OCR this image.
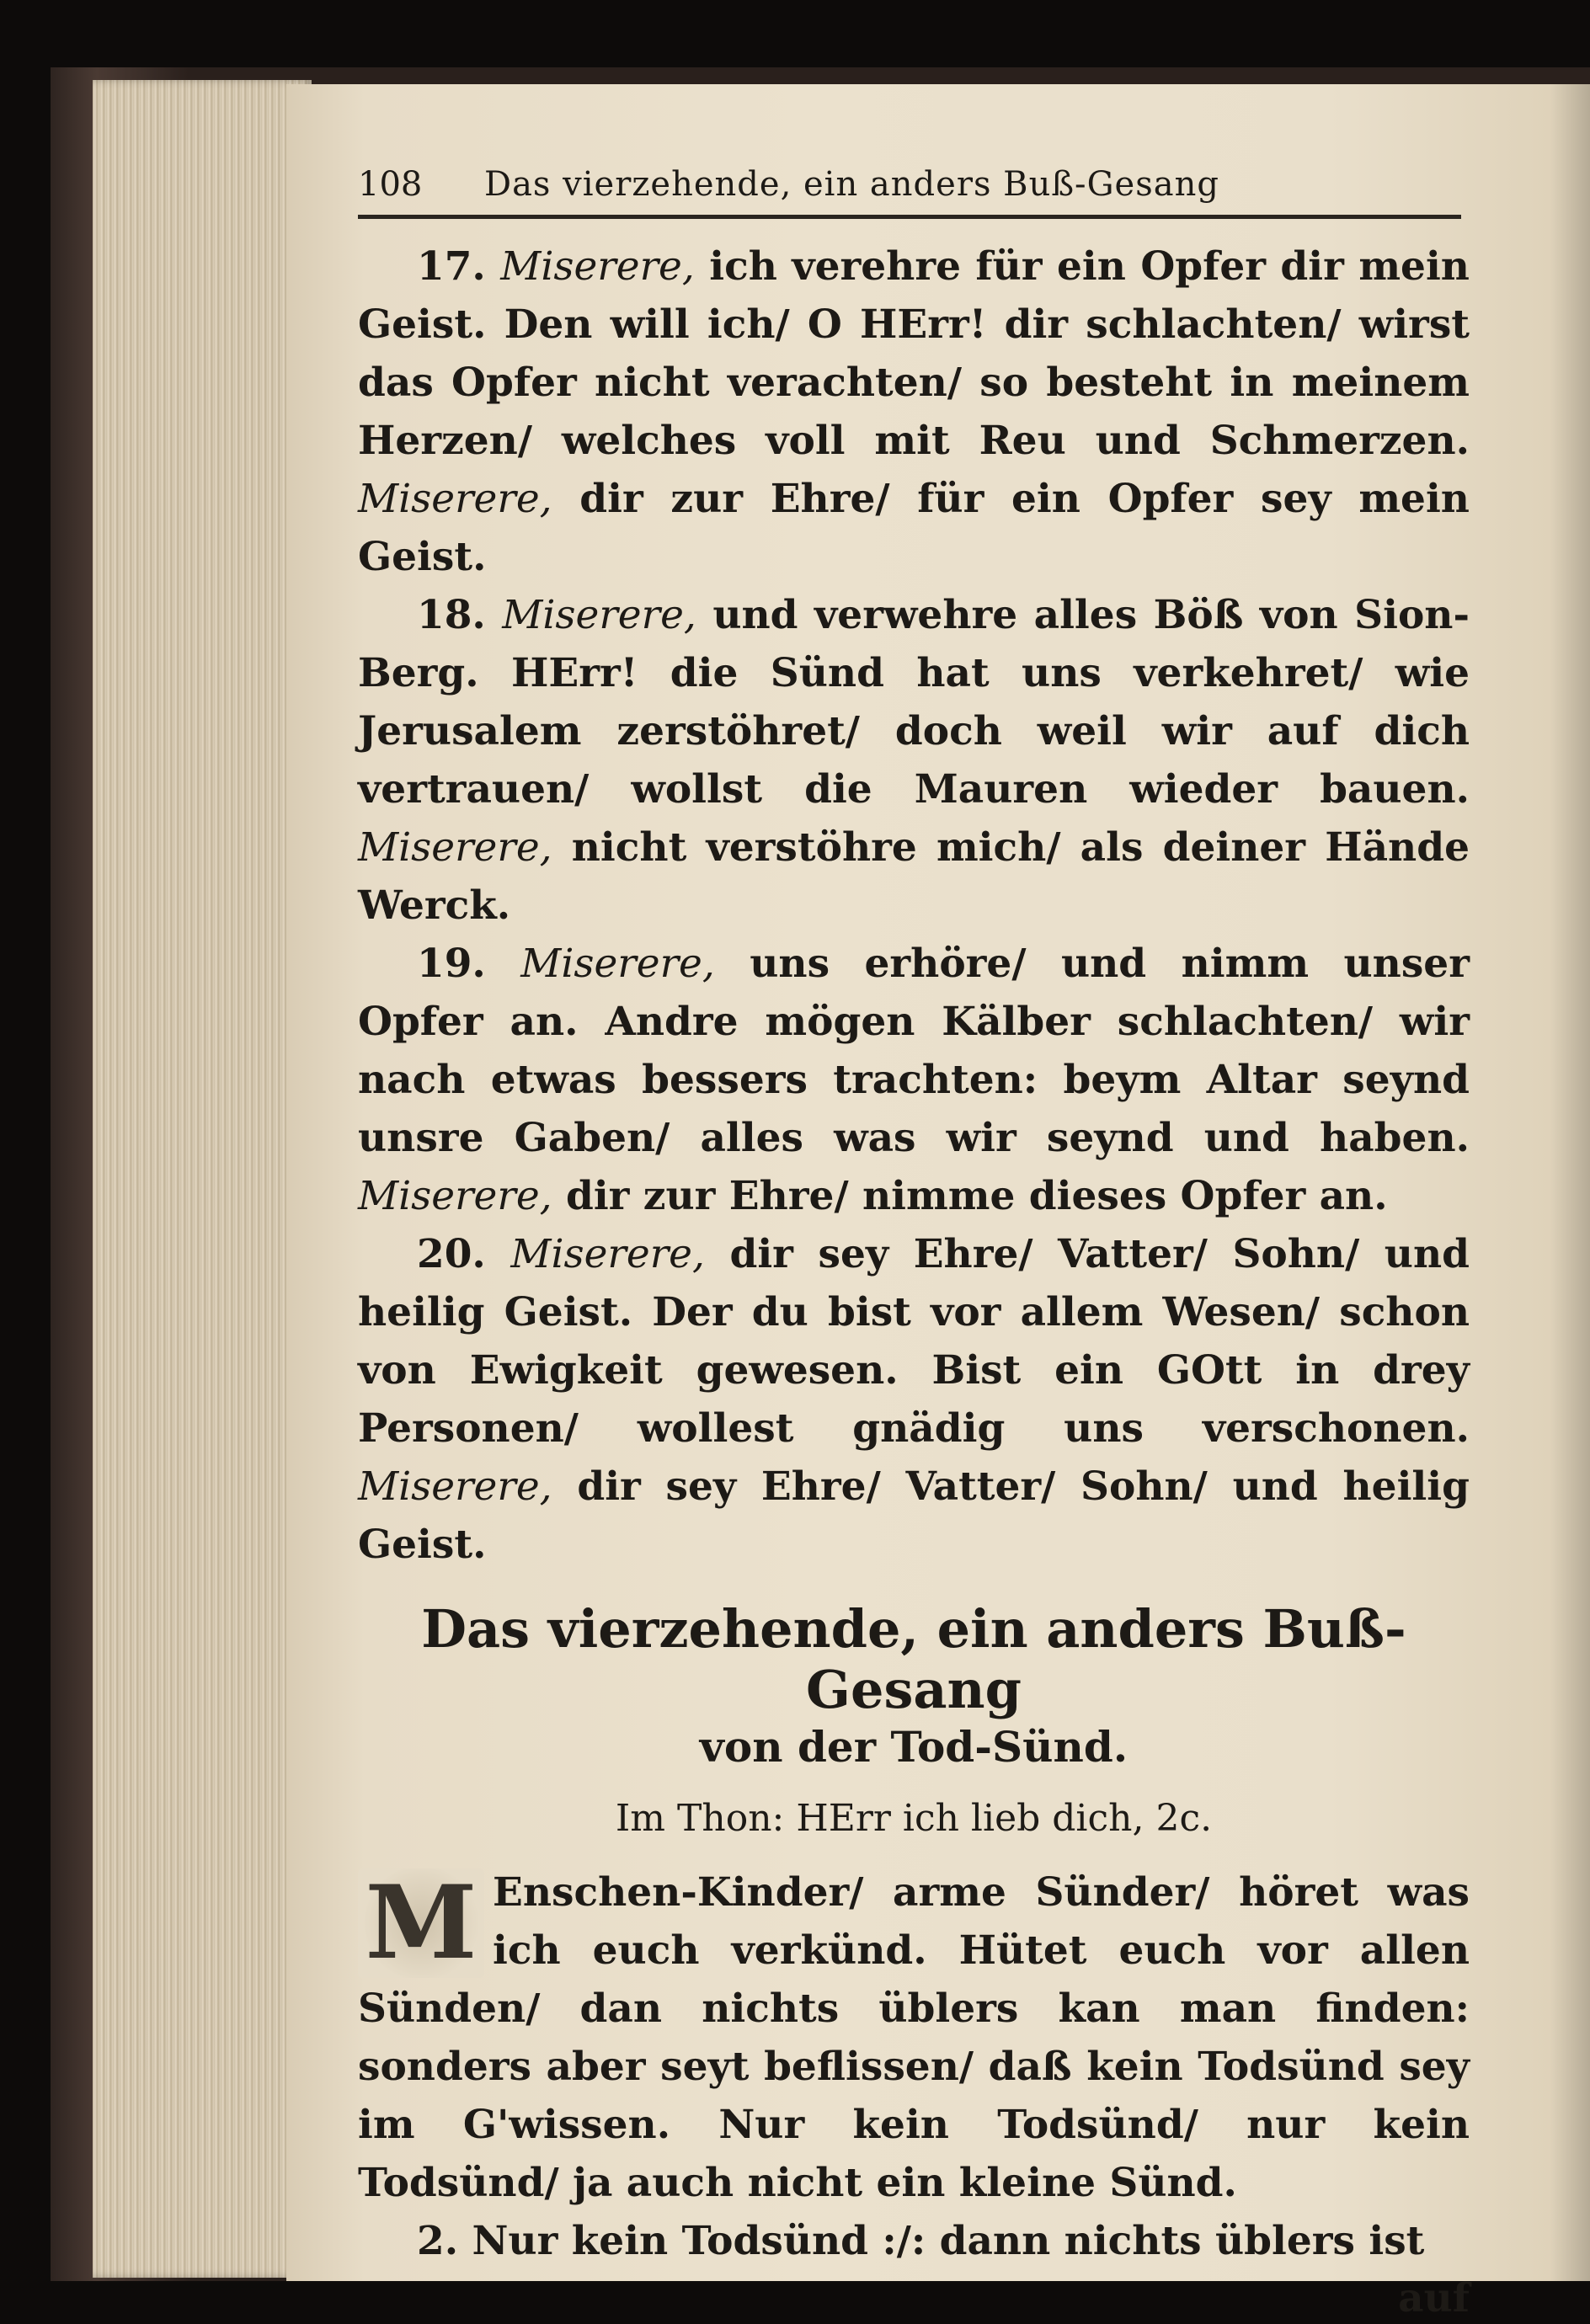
108	Das vierzehende, ein anders Buß-Gesang

17. Miserere, ich verehre für ein Opfer dir mein Geist. Den will ich/ O HErr! dir schlachten/ wirst das Opfer nicht verachten/ so besteht in meinem Herzen/ welches voll mit Reu und Schmerzen. Miserere, dir zur Ehre/ für ein Opfer sey mein Geist.

18. Miserere, und verwehre alles Böß von Sion-Berg. HErr! die Sünd hat uns verkehret/ wie Jerusalem zerstöhret/ doch weil wir auf dich vertrauen/ wollst die Mauren wieder bauen. Miserere, nicht verstöhre mich/ als deiner Hände Werck.

19. Miserere, uns erhöre/ und nimm unser Opfer an. Andre mögen Kälber schlachten/ wir nach etwas bessers trachten: beym Altar seynd unsre Gaben/ alles was wir seynd und haben. Miserere, dir zur Ehre/ nimme dieses Opfer an.

20. Miserere, dir sey Ehre/ Vatter/ Sohn/ und heilig Geist. Der du bist vor allem Wesen/ schon von Ewigkeit gewesen. Bist ein GOtt in drey Personen/ wollest gnädig uns verschonen. Miserere, dir sey Ehre/ Vatter/ Sohn/ und heilig Geist.

Das vierzehende, ein anders Buß-Gesang
von der Tod-Sünd.
Im Thon: HErr ich lieb dich, 2c.
M Enschen-Kinder/ arme Sünder/ höret was ich euch verkünd. Hütet euch vor allen Sünden/ dan nichts üblers kan man finden: sonders aber seyt beflissen/ daß kein Todsünd sey im G'wissen. Nur kein Todsünd/ nur kein Todsünd/ ja auch nicht ein kleine Sünd.

2. Nur kein Todsünd :/: dann nichts üblers ist

auf
